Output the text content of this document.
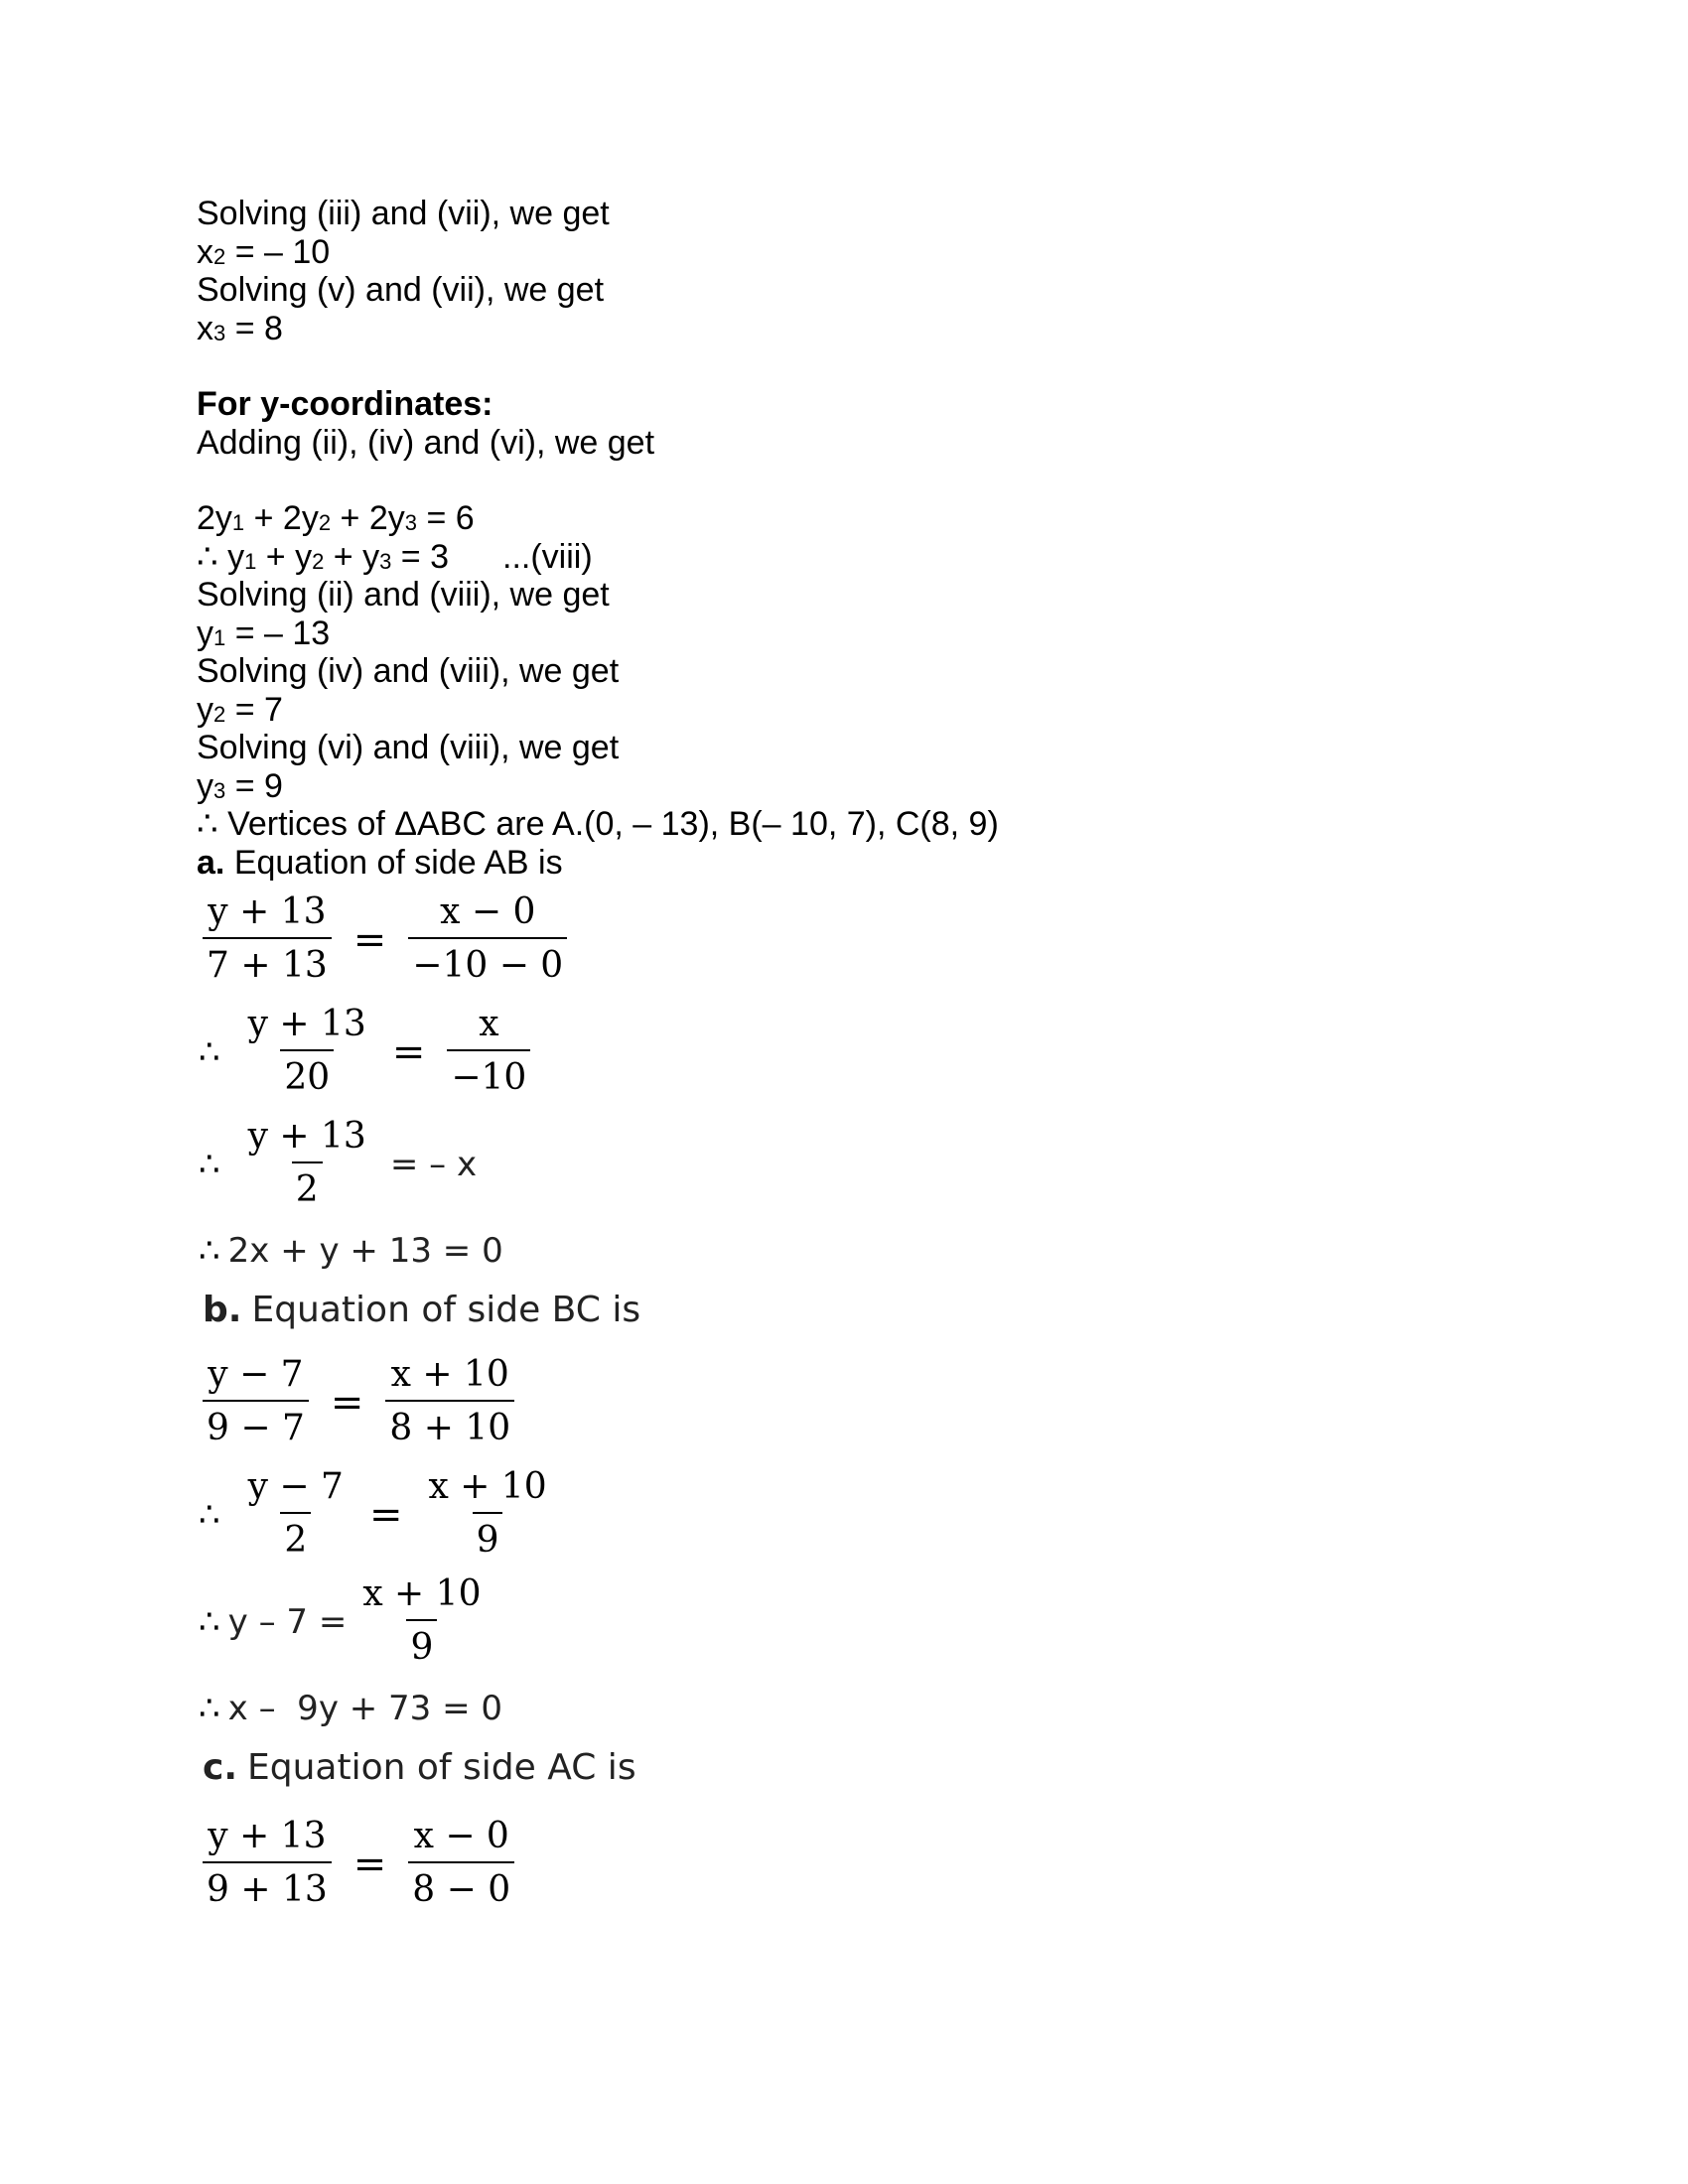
Solving (iii) and (vii), we get
$x_2$ = – 10
Solving (v) and (vii), we get
$x_3 = 8$
For y-coordinates:
Adding (ii), (iv) and (vi), we get
$2y_1 + 2y_2 + 2y_3 = 6$
∴ $y_1 + y_2 + y_3 = 3$ ...(viii)
Solving (ii) and (viii), we get
$y_1$ = – 13
Solving (iv) and (viii), we get
$y_2 = 7$
Solving (vi) and (viii), we get
$y_3 = 9$
∴ Vertices of ΔABC are A.(0, – 13), B(– 10, 7), C(8, 9)
a. Equation of side AB is
$\frac{y + 13}{7 + 13} = \frac{x - 0}{-10 - 0}$
∴ $\frac{y + 13}{20} = \frac{x}{-10}$
∴ $\frac{y + 13}{2}$ = – x
∴ 2x + y + 13 = 0
b. Equation of side BC is
$\frac{y - 7}{9 - 7} = \frac{x + 10}{8 + 10}$
∴ $\frac{y - 7}{2} = \frac{x + 10}{9}$
∴ $y - 7 = \frac{x + 10}{9}$
∴ x –  9y + 73 = 0
c. Equation of side AC is
$\frac{y + 13}{9 + 13} = \frac{x - 0}{8 - 0}$
